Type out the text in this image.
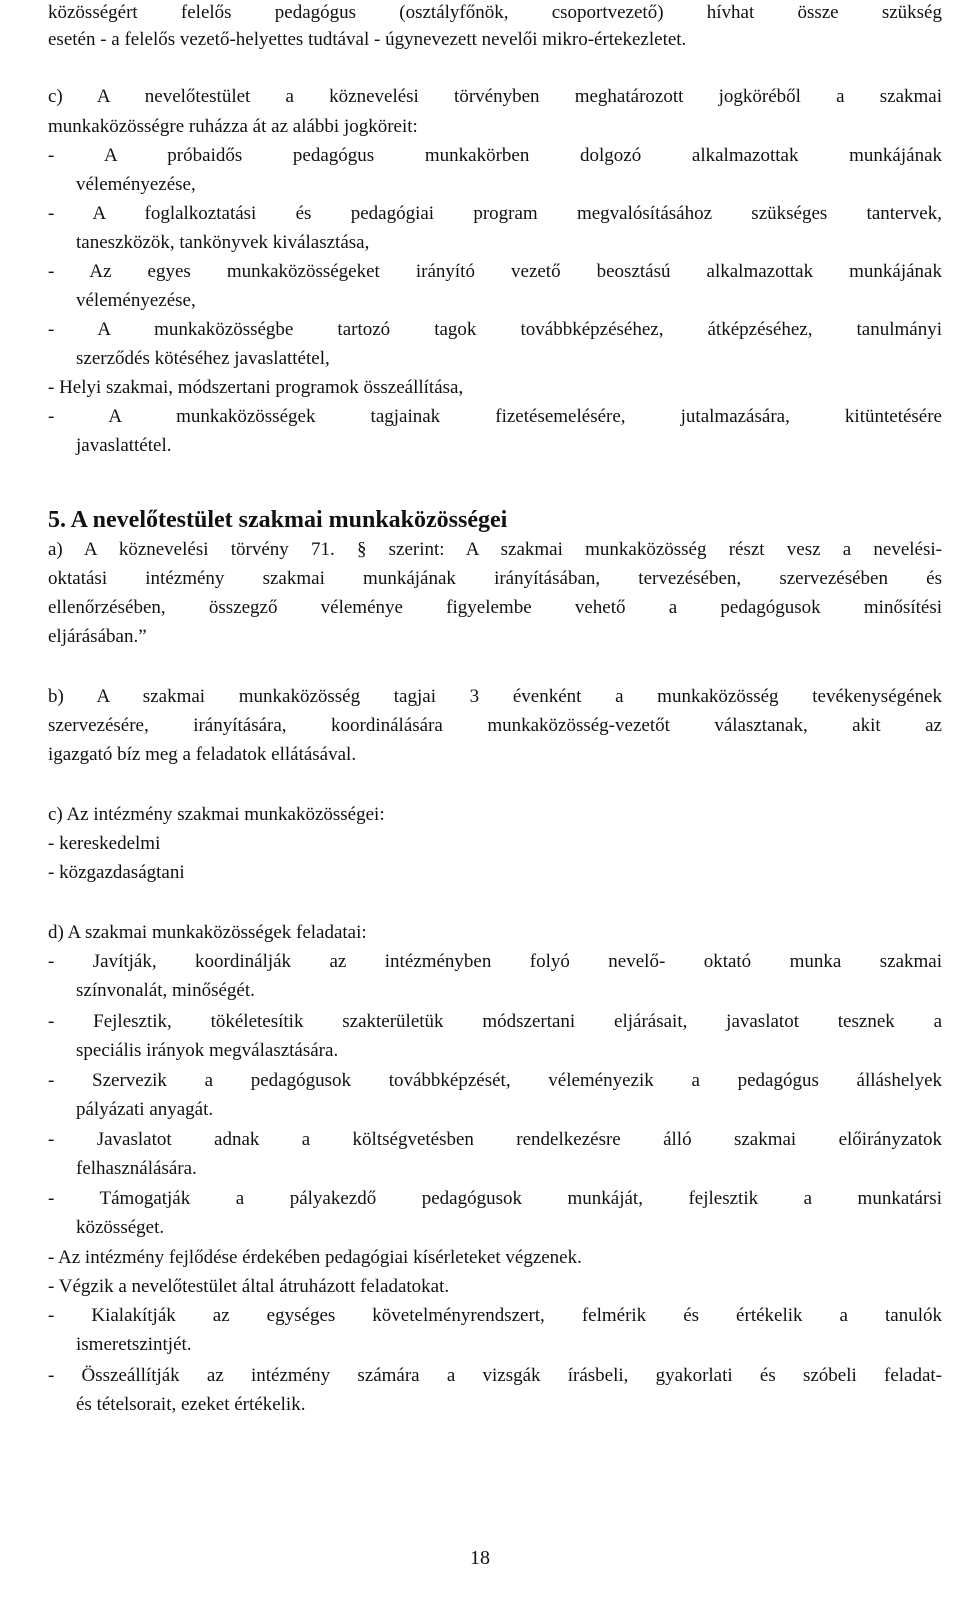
közösségért felelős pedagógus (osztályfőnök, csoportvezető) hívhat össze szükség
esetén - a felelős vezető-helyettes tudtával - úgynevezett nevelői mikro-értekezletet.
c) A nevelőtestület a köznevelési törvényben meghatározott jogköréből a szakmai
munkaközösségre ruházza át az alábbi jogköreit:
- A próbaidős pedagógus munkakörben dolgozó alkalmazottak munkájának
véleményezése,
- A foglalkoztatási és pedagógiai program megvalósításához szükséges tantervek,
taneszközök, tankönyvek kiválasztása,
- Az egyes munkaközösségeket irányító vezető beosztású alkalmazottak munkájának
véleményezése,
- A munkaközösségbe tartozó tagok továbbképzéséhez, átképzéséhez, tanulmányi
szerződés kötéséhez javaslattétel,
- Helyi szakmai, módszertani programok összeállítása,
- A munkaközösségek tagjainak fizetésemelésére, jutalmazására, kitüntetésére
javaslattétel.
5. A nevelőtestület szakmai munkaközösségei
a) A köznevelési törvény 71. § szerint: A szakmai munkaközösség részt vesz a nevelési-
oktatási intézmény szakmai munkájának irányításában, tervezésében, szervezésében és
ellenőrzésében, összegző véleménye figyelembe vehető a pedagógusok minősítési
eljárásában.”
b) A szakmai munkaközösség tagjai 3 évenként a munkaközösség tevékenységének
szervezésére, irányítására, koordinálására munkaközösség-vezetőt választanak, akit az
igazgató bíz meg a feladatok ellátásával.
c) Az intézmény szakmai munkaközösségei:
- kereskedelmi
- közgazdaságtani
d) A szakmai munkaközösségek feladatai:
- Javítják, koordinálják az intézményben folyó nevelő- oktató munka szakmai
színvonalát, minőségét.
- Fejlesztik, tökéletesítik szakterületük módszertani eljárásait, javaslatot tesznek a
speciális irányok megválasztására.
- Szervezik a pedagógusok továbbképzését, véleményezik a pedagógus álláshelyek
pályázati anyagát.
- Javaslatot adnak a költségvetésben rendelkezésre álló szakmai előirányzatok
felhasználására.
- Támogatják a pályakezdő pedagógusok munkáját, fejlesztik a munkatársi
közösséget.
- Az intézmény fejlődése érdekében pedagógiai kísérleteket végzenek.
- Végzik a nevelőtestület által átruházott feladatokat.
- Kialakítják az egységes követelményrendszert, felmérik és értékelik a tanulók
ismeretszintjét.
- Összeállítják az intézmény számára a vizsgák írásbeli, gyakorlati és szóbeli feladat-
és tételsorait, ezeket értékelik.
18
